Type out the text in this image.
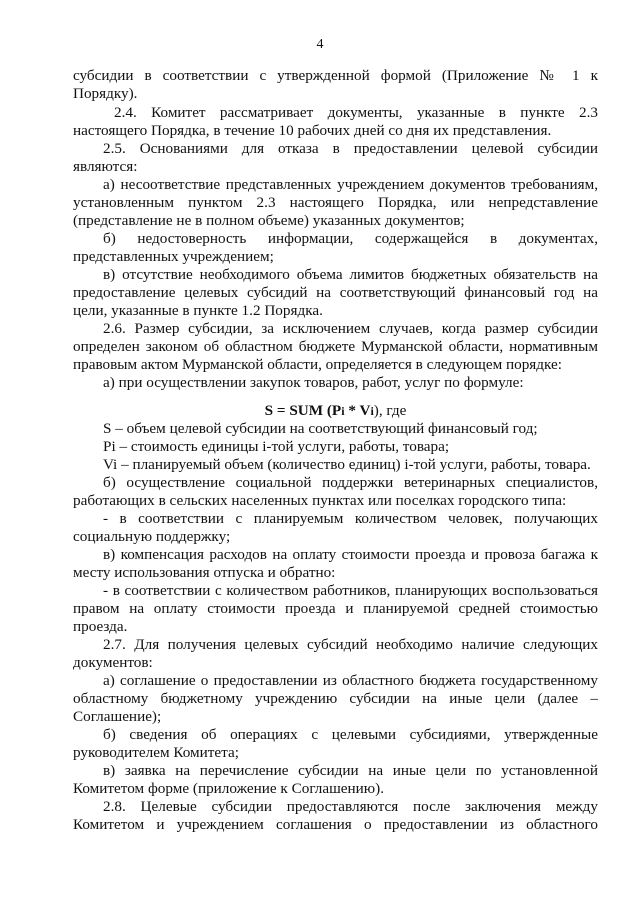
4
субсидии в соответствии с утвержденной формой (Приложение № 1 к
Порядку).
2.4. Комитет рассматривает документы, указанные в пункте 2.3
настоящего Порядка, в течение 10 рабочих дней со дня их представления.
2.5. Основаниями для отказа в предоставлении целевой субсидии
являются:
а) несоответствие представленных учреждением документов требованиям,
установленным пунктом 2.3 настоящего Порядка, или непредставление
(представление не в полном объеме) указанных документов;
б) недостоверность информации, содержащейся в документах,
представленных учреждением;
в) отсутствие необходимого объема лимитов бюджетных обязательств на
предоставление целевых субсидий на соответствующий финансовый год на
цели, указанные в пункте 1.2 Порядка.
2.6. Размер субсидии, за исключением случаев, когда размер субсидии
определен законом об областном бюджете Мурманской области, нормативным
правовым актом Мурманской области, определяется в следующем порядке:
а) при осуществлении закупок товаров, работ, услуг по формуле:
S = SUM (Pi * Vi), где
S – объем целевой субсидии на соответствующий финансовый год;
Pi – стоимость единицы i-той услуги, работы, товара;
Vi – планируемый объем (количество единиц) i-той услуги, работы, товара.
б) осуществление социальной поддержки ветеринарных специалистов,
работающих в сельских населенных пунктах или поселках городского типа:
- в соответствии с планируемым количеством человек, получающих
социальную поддержку;
в) компенсация расходов на оплату стоимости проезда и провоза багажа к
месту использования отпуска и обратно:
- в соответствии с количеством работников, планирующих воспользоваться
правом на оплату стоимости проезда и планируемой средней стоимостью
проезда.
2.7. Для получения целевых субсидий необходимо наличие следующих
документов:
а) соглашение о предоставлении из областного бюджета государственному
областному бюджетному учреждению субсидии на иные цели (далее –
Соглашение);
б) сведения об операциях с целевыми субсидиями, утвержденные
руководителем Комитета;
в) заявка на перечисление субсидии на иные цели по установленной
Комитетом форме (приложение к Соглашению).
2.8. Целевые субсидии предоставляются после заключения между
Комитетом и учреждением соглашения о предоставлении из областного
